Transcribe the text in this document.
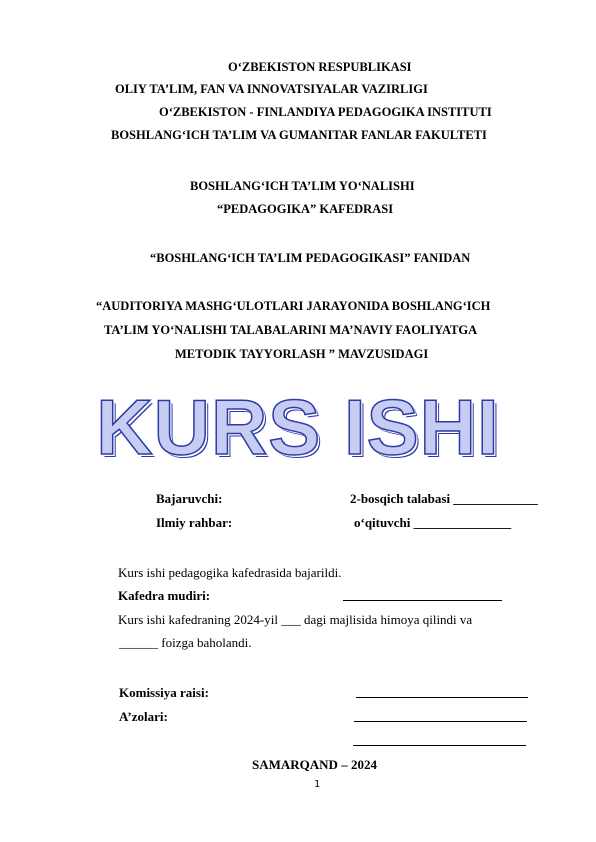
O‘ZBEKISTON RESPUBLIKASI
OLIY TA’LIM, FAN VA INNOVATSIYALAR VAZIRLIGI
O‘ZBEKISTON - FINLANDIYA PEDAGOGIKA INSTITUTI
BOSHLANG‘ICH TA’LIM VA GUMANITAR FANLAR FAKULTETI
BOSHLANG‘ICH TA’LIM YO‘NALISHI
“PEDAGOGIKA” KAFEDRASI
“BOSHLANG‘ICH TA’LIM PEDAGOGIKASI” FANIDAN
“AUDITORIYA MASHG‘ULOTLARI JARAYONIDA BOSHLANG‘ICH
TA’LIM YO‘NALISHI TALABALARINI MA’NAVIY FAOLIYATGA
METODIK TAYYORLASH ” MAVZUSIDAGI
KURS ISHI
Bajaruvchi:	2-bosqich talabasi _____________
Ilmiy rahbar:	o‘qituvchi _______________
Kurs ishi pedagogika kafedrasida bajarildi.
Kafedra mudiri:
Kurs ishi kafedraning 2024-yil ___ dagi majlisida himoya qilindi va
______ foizga baholandi.
Komissiya raisi:
A’zolari:
SAMARQAND – 2024
1
